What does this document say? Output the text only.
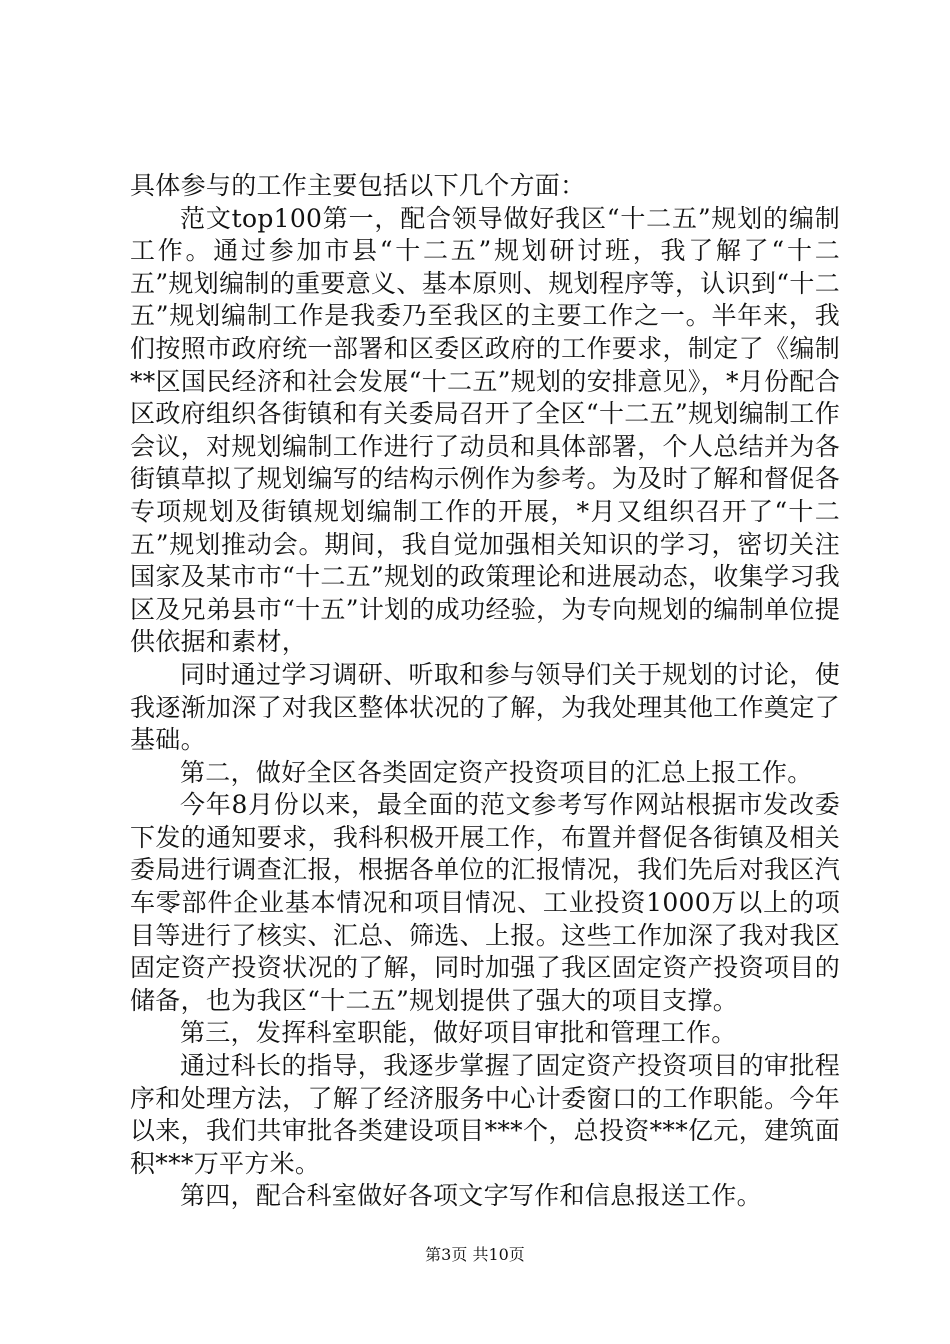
具体参与的工作主要包括以下几个方面：

范文top100第一，配合领导做好我区“十二五”规划的编制工作。通过参加市县“十二五”规划研讨班，我了解了“十二五”规划编制的重要意义、基本原则、规划程序等，认识到“十二五”规划编制工作是我委乃至我区的主要工作之一。半年来，我们按照市政府统一部署和区委区政府的工作要求，制定了《编制**区国民经济和社会发展“十二五”规划的安排意见》，*月份配合区政府组织各街镇和有关委局召开了全区“十二五”规划编制工作会议，对规划编制工作进行了动员和具体部署，个人总结并为各街镇草拟了规划编写的结构示例作为参考。为及时了解和督促各专项规划及街镇规划编制工作的开展，*月又组织召开了“十二五”规划推动会。期间，我自觉加强相关知识的学习，密切关注国家及某市市“十二五”规划的政策理论和进展动态，收集学习我区及兄弟县市“十五”计划的成功经验，为专向规划的编制单位提供依据和素材，

同时通过学习调研、听取和参与领导们关于规划的讨论，使我逐渐加深了对我区整体状况的了解，为我处理其他工作奠定了基础。

第二，做好全区各类固定资产投资项目的汇总上报工作。

今年8月份以来，最全面的范文参考写作网站根据市发改委下发的通知要求，我科积极开展工作，布置并督促各街镇及相关委局进行调查汇报，根据各单位的汇报情况，我们先后对我区汽车零部件企业基本情况和项目情况、工业投资1000万以上的项目等进行了核实、汇总、筛选、上报。这些工作加深了我对我区固定资产投资状况的了解，同时加强了我区固定资产投资项目的储备，也为我区“十二五”规划提供了强大的项目支撑。

第三，发挥科室职能，做好项目审批和管理工作。

通过科长的指导，我逐步掌握了固定资产投资项目的审批程序和处理方法，了解了经济服务中心计委窗口的工作职能。今年以来，我们共审批各类建设项目***个，总投资***亿元，建筑面积***万平方米。

第四，配合科室做好各项文字写作和信息报送工作。

第3页 共10页
